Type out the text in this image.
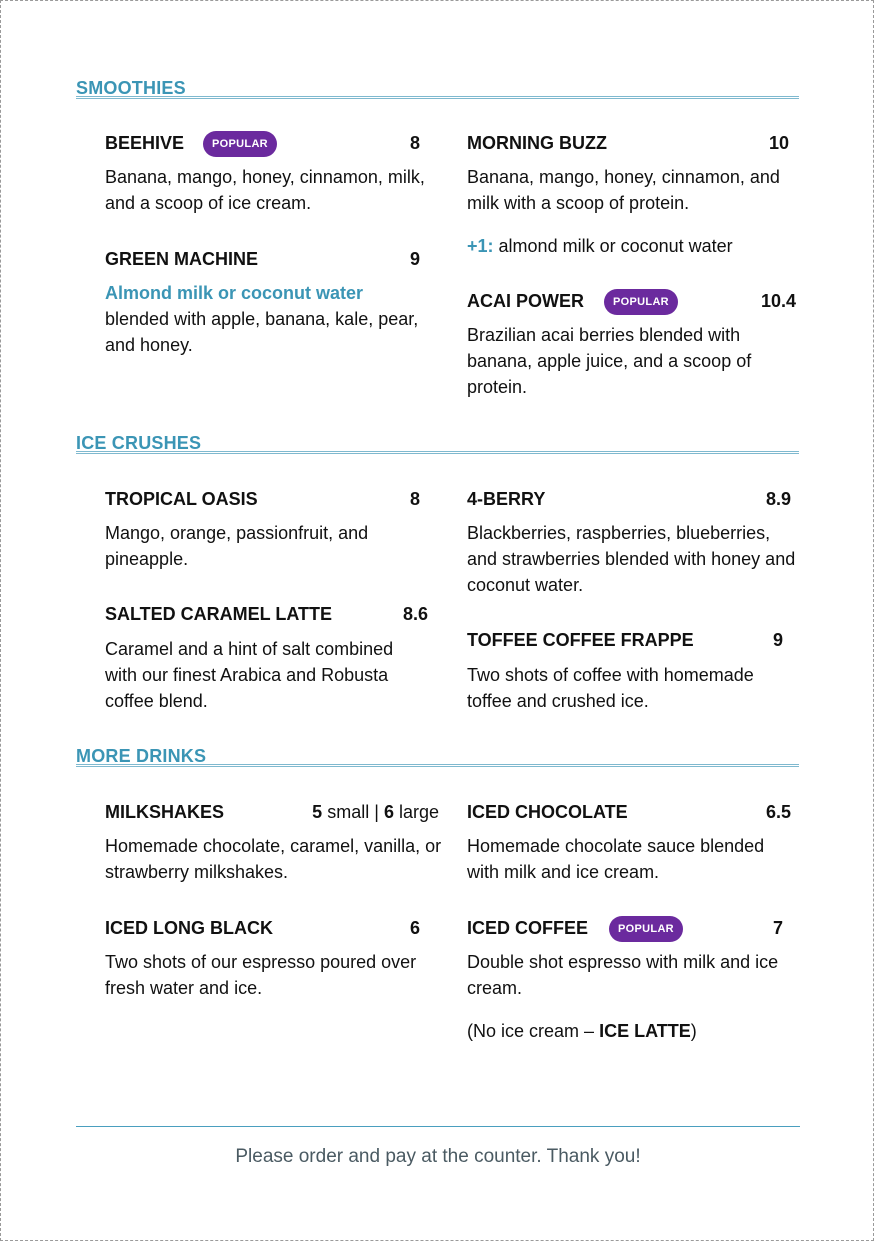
SMOOTHIES
BEEHIVE	POPULAR	8
Banana, mango, honey, cinnamon, milk, and a scoop of ice cream.
GREEN MACHINE	9
Almond milk or coconut water
blended with apple, banana, kale, pear, and honey.
MORNING BUZZ	10
Banana, mango, honey, cinnamon, and milk with a scoop of protein.
+1: almond milk or coconut water
ACAI POWER	POPULAR	10.4
Brazilian acai berries blended with banana, apple juice, and a scoop of protein.
ICE CRUSHES
TROPICAL OASIS	8
Mango, orange, passionfruit, and pineapple.
SALTED CARAMEL LATTE	8.6
Caramel and a hint of salt combined with our finest Arabica and Robusta coffee blend.
4-BERRY	8.9
Blackberries, raspberries, blueberries, and strawberries blended with honey and coconut water.
TOFFEE COFFEE FRAPPE	9
Two shots of coffee with homemade toffee and crushed ice.
MORE DRINKS
MILKSHAKES	5 small | 6 large
Homemade chocolate, caramel, vanilla, or strawberry milkshakes.
ICED LONG BLACK	6
Two shots of our espresso poured over fresh water and ice.
ICED CHOCOLATE	6.5
Homemade chocolate sauce blended with milk and ice cream.
ICED COFFEE	POPULAR	7
Double shot espresso with milk and ice cream.
(No ice cream – ICE LATTE)
Please order and pay at the counter. Thank you!
